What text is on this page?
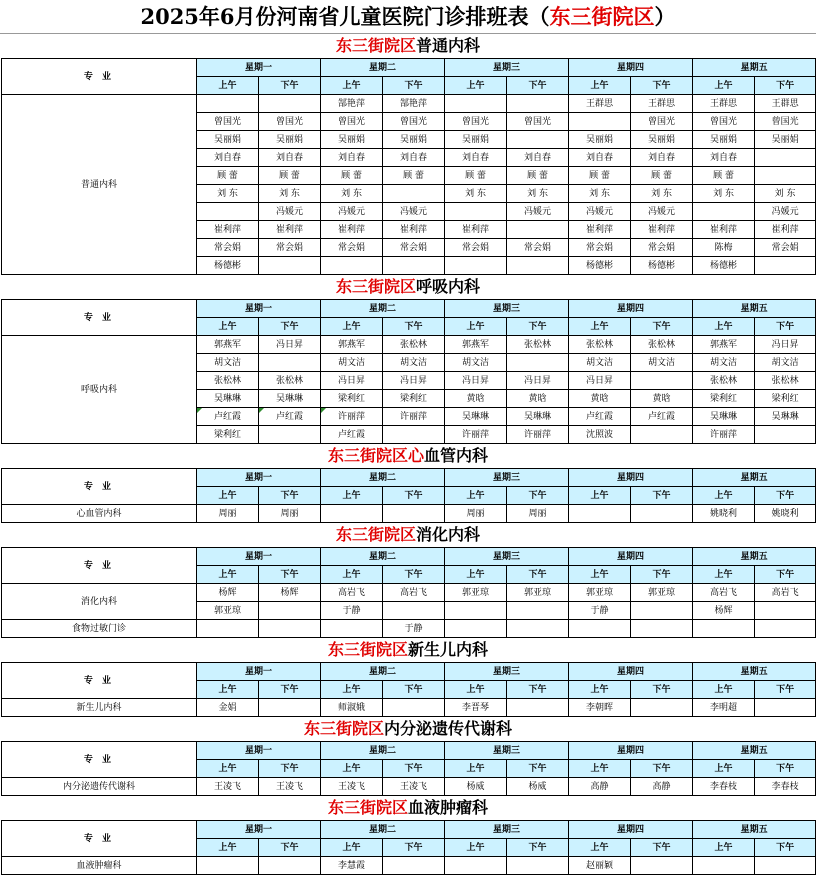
2025年6月份河南省儿童医院门诊排班表（东三街院区）
东三街院区普通内科
专 业	星期一		星期二		星期三		星期四		星期五	
	上午	下午	上午	下午	上午	下午	上午	下午	上午	下午
普通内科			郜艳萍	郜艳萍			王群思	王群思	王群思	王群思
	曾国光	曾国光	曾国光	曾国光	曾国光	曾国光		曾国光	曾国光	曾国光
	吴丽娟	吴丽娟	吴丽娟	吴丽娟	吴丽娟		吴丽娟	吴丽娟	吴丽娟	吴丽娟
	刘自春	刘自春	刘自春	刘自春	刘自春	刘自春	刘自春	刘自春	刘自春	
	顾 蕾	顾 蕾	顾 蕾	顾 蕾	顾 蕾	顾 蕾	顾 蕾	顾 蕾	顾 蕾	
	刘 东	刘 东	刘 东		刘 东	刘 东	刘 东	刘 东	刘 东	刘 东
		冯媛元	冯媛元	冯媛元		冯媛元	冯媛元	冯媛元		冯媛元
	崔利萍	崔利萍	崔利萍	崔利萍	崔利萍		崔利萍	崔利萍	崔利萍	崔利萍
	常会娟	常会娟	常会娟	常会娟	常会娟	常会娟	常会娟	常会娟	陈梅	常会娟
	杨德彬						杨德彬	杨德彬	杨德彬	
东三街院区呼吸内科
专 业	星期一		星期二		星期三		星期四		星期五	
	上午	下午	上午	下午	上午	下午	上午	下午	上午	下午
呼吸内科	郭燕军	冯日昇	郭燕军	张松林	郭燕军	张松林	张松林	张松林	郭燕军	冯日昇
	胡文洁		胡文洁	胡文洁	胡文洁		胡文洁	胡文洁	胡文洁	胡文洁
	张松林	张松林	冯日昇	冯日昇	冯日昇	冯日昇	冯日昇		张松林	张松林
	吴琳琳	吴琳琳	梁利红	梁利红	黄晗	黄晗	黄晗	黄晗	梁利红	梁利红
	卢红霞	卢红霞	许丽萍	许丽萍	吴琳琳	吴琳琳	卢红霞	卢红霞	吴琳琳	吴琳琳
	梁利红		卢红霞		许丽萍	许丽萍	沈照波		许丽萍	
东三街院区心血管内科
专 业	星期一		星期二		星期三		星期四		星期五	
	上午	下午	上午	下午	上午	下午	上午	下午	上午	下午
心血管内科	周丽	周丽			周丽	周丽			姚晓利	姚晓利
东三街院区消化内科
专 业	星期一		星期二		星期三		星期四		星期五	
	上午	下午	上午	下午	上午	下午	上午	下午	上午	下午
消化内科	杨辉	杨辉	高岩飞	高岩飞	郭亚琼	郭亚琼	郭亚琼	郭亚琼	高岩飞	高岩飞
	郭亚琼		于静				于静		杨辉	
食物过敏门诊				于静						
东三街院区新生儿内科
专 业	星期一		星期二		星期三		星期四		星期五	
	上午	下午	上午	下午	上午	下午	上午	下午	上午	下午
新生儿内科	金娟		师淑娥		李晋琴		李朝晖		李明超	
东三街院区内分泌遗传代谢科
专 业	星期一		星期二		星期三		星期四		星期五	
	上午	下午	上午	下午	上午	下午	上午	下午	上午	下午
内分泌遗传代谢科	王凌飞	王凌飞	王凌飞	王凌飞	杨威	杨威	高静	高静	李春枝	李春枝
东三街院区血液肿瘤科
专 业	星期一		星期二		星期三		星期四		星期五	
	上午	下午	上午	下午	上午	下午	上午	下午	上午	下午
血液肿瘤科			李慧霞				赵丽颖			
